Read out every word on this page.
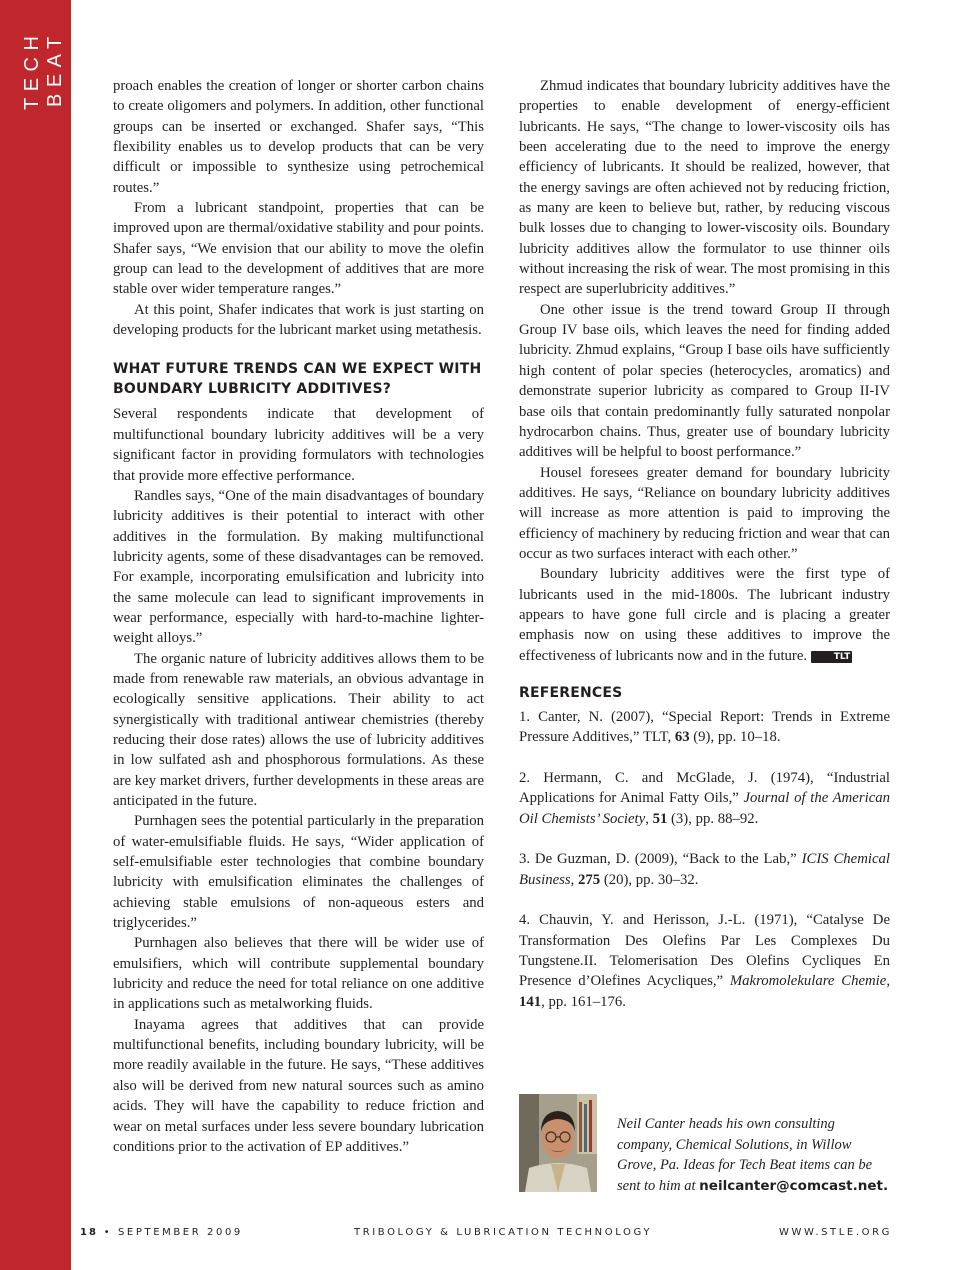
TECH BEAT	proach enables the creation of longer or shorter carbon chains to create oligomers and polymers. In addition, other functional groups can be inserted or exchanged. Shafer says, “This flexibility enables us to develop products that can be very difficult or impossible to synthesize using petrochemical routes.”

From a lubricant standpoint, properties that can be improved upon are thermal/oxidative stability and pour points. Shafer says, “We envision that our ability to move the olefin group can lead to the development of additives that are more stable over wider temperature ranges.”

At this point, Shafer indicates that work is just starting on developing products for the lubricant market using metathesis.

WHAT FUTURE TRENDS CAN WE EXPECT WITH BOUNDARY LUBRICITY ADDITIVES?

Several respondents indicate that development of multifunctional boundary lubricity additives will be a very significant factor in providing formulators with technologies that provide more effective performance.

Randles says, “One of the main disadvantages of boundary lubricity additives is their potential to interact with other additives in the formulation. By making multifunctional lubricity agents, some of these disadvantages can be removed. For example, incorporating emulsification and lubricity into the same molecule can lead to significant improvements in wear performance, especially with hard-to-machine lighter-weight alloys.”

The organic nature of lubricity additives allows them to be made from renewable raw materials, an obvious advantage in ecologically sensitive applications. Their ability to act synergistically with traditional antiwear chemistries (thereby reducing their dose rates) allows the use of lubricity additives in low sulfated ash and phosphorous formulations. As these are key market drivers, further developments in these areas are anticipated in the future.

Purnhagen sees the potential particularly in the preparation of water-emulsifiable fluids. He says, “Wider application of self-emulsifiable ester technologies that combine boundary lubricity with emulsification eliminates the challenges of achieving stable emulsions of non-aqueous esters and triglycerides.”

Purnhagen also believes that there will be wider use of emulsifiers, which will contribute supplemental boundary lubricity and reduce the need for total reliance on one additive in applications such as metalworking fluids.

Inayama agrees that additives that can provide multifunctional benefits, including boundary lubricity, will be more readily available in the future. He says, “These additives also will be derived from new natural sources such as amino acids. They will have the capability to reduce friction and wear on metal surfaces under less severe boundary lubrication conditions prior to the activation of EP additives.”

Zhmud indicates that boundary lubricity additives have the properties to enable development of energy-efficient lubricants. He says, “The change to lower-viscosity oils has been accelerating due to the need to improve the energy efficiency of lubricants. It should be realized, however, that the energy savings are often achieved not by reducing friction, as many are keen to believe but, rather, by reducing viscous bulk losses due to changing to lower-viscosity oils. Boundary lubricity additives allow the formulator to use thinner oils without increasing the risk of wear. The most promising in this respect are superlubricity additives.”

One other issue is the trend toward Group II through Group IV base oils, which leaves the need for finding added lubricity. Zhmud explains, “Group I base oils have sufficiently high content of polar species (heterocycles, aromatics) and demonstrate superior lubricity as compared to Group II-IV base oils that contain predominantly fully saturated nonpolar hydrocarbon chains. Thus, greater use of boundary lubricity additives will be helpful to boost performance.”

Housel foresees greater demand for boundary lubricity additives. He says, “Reliance on boundary lubricity additives will increase as more attention is paid to improving the efficiency of machinery by reducing friction and wear that can occur as two surfaces interact with each other.”

Boundary lubricity additives were the first type of lubricants used in the mid-1800s. The lubricant industry appears to have gone full circle and is placing a greater emphasis now on using these additives to improve the effectiveness of lubricants now and in the future.	TLT

REFERENCES

1. Canter, N. (2007), “Special Report: Trends in Extreme Pressure Additives,” TLT, 63 (9), pp. 10–18.

2. Hermann, C. and McGlade, J. (1974), “Industrial Applications for Animal Fatty Oils,” Journal of the American Oil Chemists’ Society, 51 (3), pp. 88–92.

3. De Guzman, D. (2009), “Back to the Lab,” ICIS Chemical Business, 275 (20), pp. 30–32.

4. Chauvin, Y. and Herisson, J.-L. (1971), “Catalyse De Transformation Des Olefins Par Les Complexes Du Tungstene.II. Telomerisation Des Olefins Cycliques En Presence d’Olefines Acycliques,” Makromolekulare Chemie, 141, pp. 161–176.

Neil Canter heads his own consulting company, Chemical Solutions, in Willow Grove, Pa. Ideas for Tech Beat items can be sent to him at neilcanter@comcast.net.
18 • SEPTEMBER 2009	TRIBOLOGY & LUBRICATION TECHNOLOGY	WWW.STLE.ORG
